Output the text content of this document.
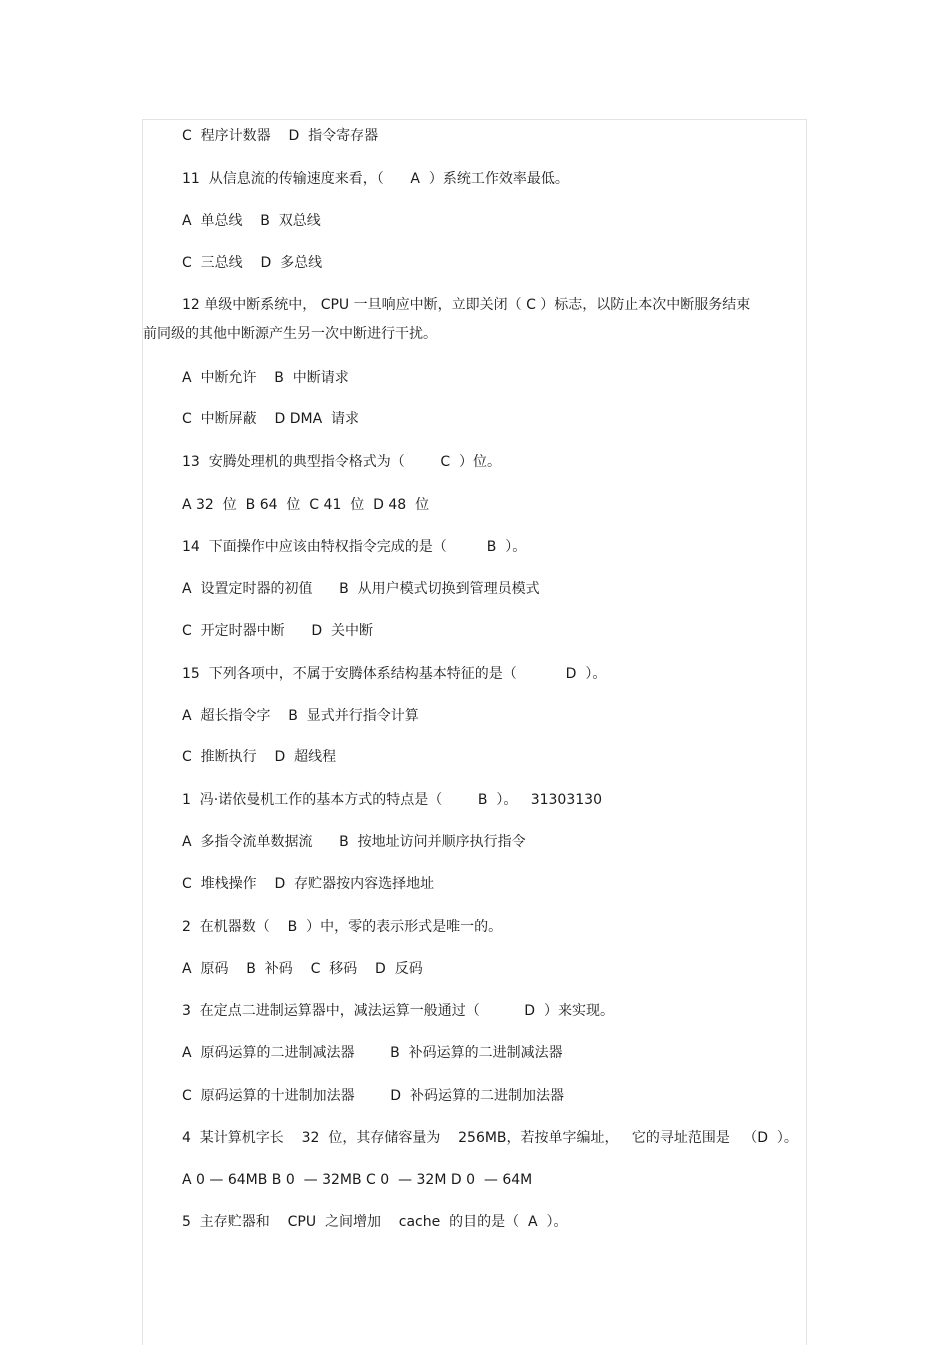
C  程序计数器    D  指令寄存器
11  从信息流的传输速度来看，（      A  ）系统工作效率最低。
A  单总线    B  双总线
C  三总线    D  多总线
12 单级中断系统中， CPU 一旦响应中断，立即关闭（ C ）标志，以防止本次中断服务结束前同级的其他中断源产生另一次中断进行干扰。
A  中断允许    B  中断请求
C  中断屏蔽    D DMA  请求
13  安腾处理机的典型指令格式为（        C  ）位。
A 32  位  B 64  位  C 41  位  D 48  位
14  下面操作中应该由特权指令完成的是（         B  ）。
A  设置定时器的初值      B  从用户模式切换到管理员模式
C  开定时器中断      D  关中断
15  下列各项中，不属于安腾体系结构基本特征的是（           D  ）。
A  超长指令字    B  显式并行指令计算
C  推断执行    D  超线程
1  冯·诺依曼机工作的基本方式的特点是（        B  ）。   31303130
A  多指令流单数据流      B  按地址访问并顺序执行指令
C  堆栈操作    D  存贮器按内容选择地址
2  在机器数（    B  ）中，零的表示形式是唯一的。
A  原码    B  补码    C  移码    D  反码
3  在定点二进制运算器中，减法运算一般通过（          D  ）来实现。
A  原码运算的二进制减法器        B  补码运算的二进制减法器
C  原码运算的十进制加法器        D  补码运算的二进制加法器
4  某计算机字长    32  位，其存储容量为    256MB，若按单字编址，   它的寻址范围是   （D  ）。
A 0 — 64MB B 0  — 32MB C 0  — 32M D 0  — 64M
5  主存贮器和    CPU  之间增加    cache  的目的是（  A  ）。
